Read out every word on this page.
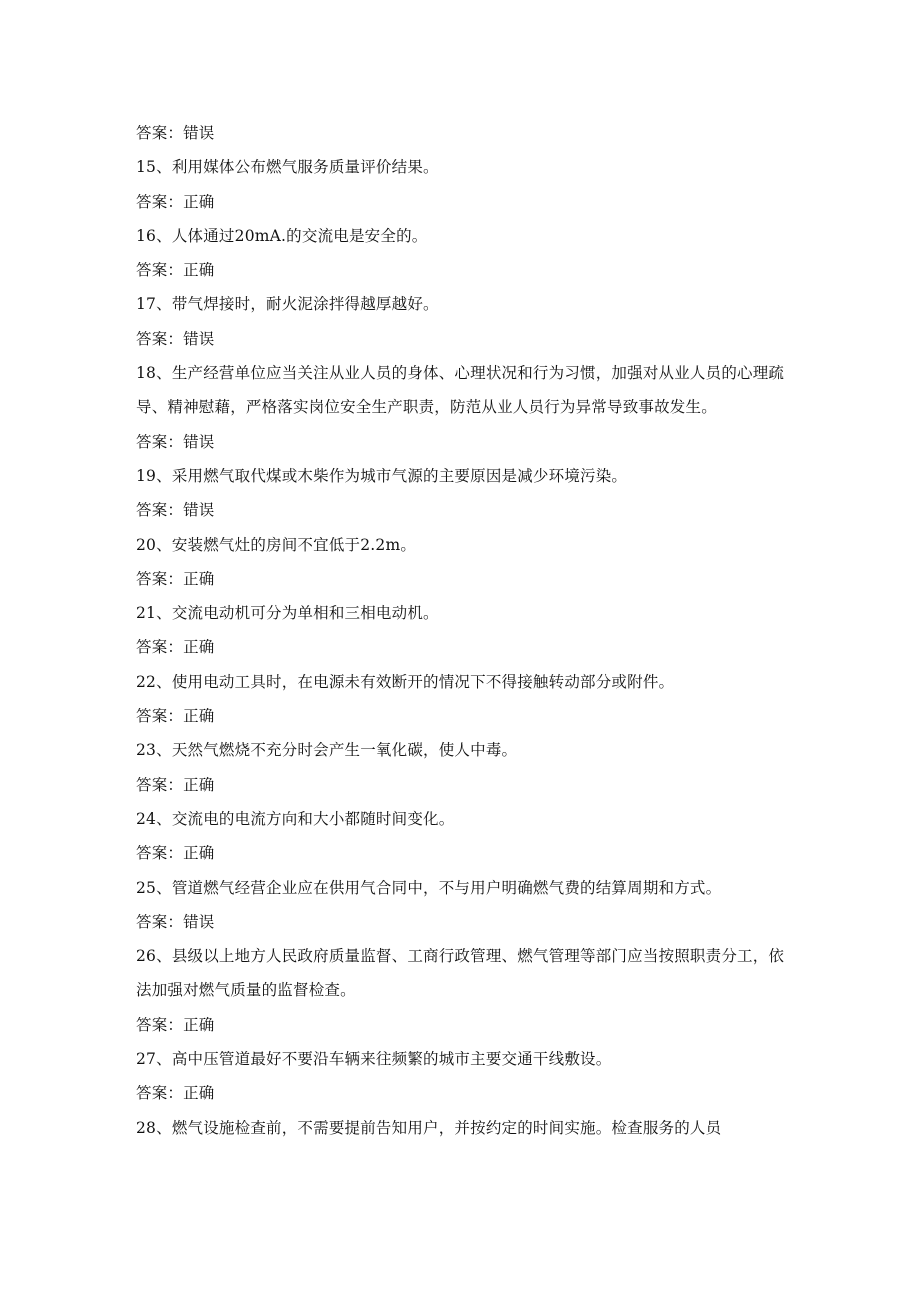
答案：错误

15、利用媒体公布燃气服务质量评价结果。

答案：正确

16、人体通过20mA.的交流电是安全的。

答案：正确

17、带气焊接时，耐火泥涂拌得越厚越好。

答案：错误

18、生产经营单位应当关注从业人员的身体、心理状况和行为习惯，加强对从业人员的心理疏导、精神慰藉，严格落实岗位安全生产职责，防范从业人员行为异常导致事故发生。

答案：错误

19、采用燃气取代煤或木柴作为城市气源的主要原因是减少环境污染。

答案：错误

20、安装燃气灶的房间不宜低于2.2m。

答案：正确

21、交流电动机可分为单相和三相电动机。

答案：正确

22、使用电动工具时，在电源未有效断开的情况下不得接触转动部分或附件。

答案：正确

23、天然气燃烧不充分时会产生一氧化碳，使人中毒。

答案：正确

24、交流电的电流方向和大小都随时间变化。

答案：正确

25、管道燃气经营企业应在供用气合同中，不与用户明确燃气费的结算周期和方式。

答案：错误

26、县级以上地方人民政府质量监督、工商行政管理、燃气管理等部门应当按照职责分工，依法加强对燃气质量的监督检查。

答案：正确

27、高中压管道最好不要沿车辆来往频繁的城市主要交通干线敷设。

答案：正确

28、燃气设施检查前，不需要提前告知用户，并按约定的时间实施。检查服务的人员
